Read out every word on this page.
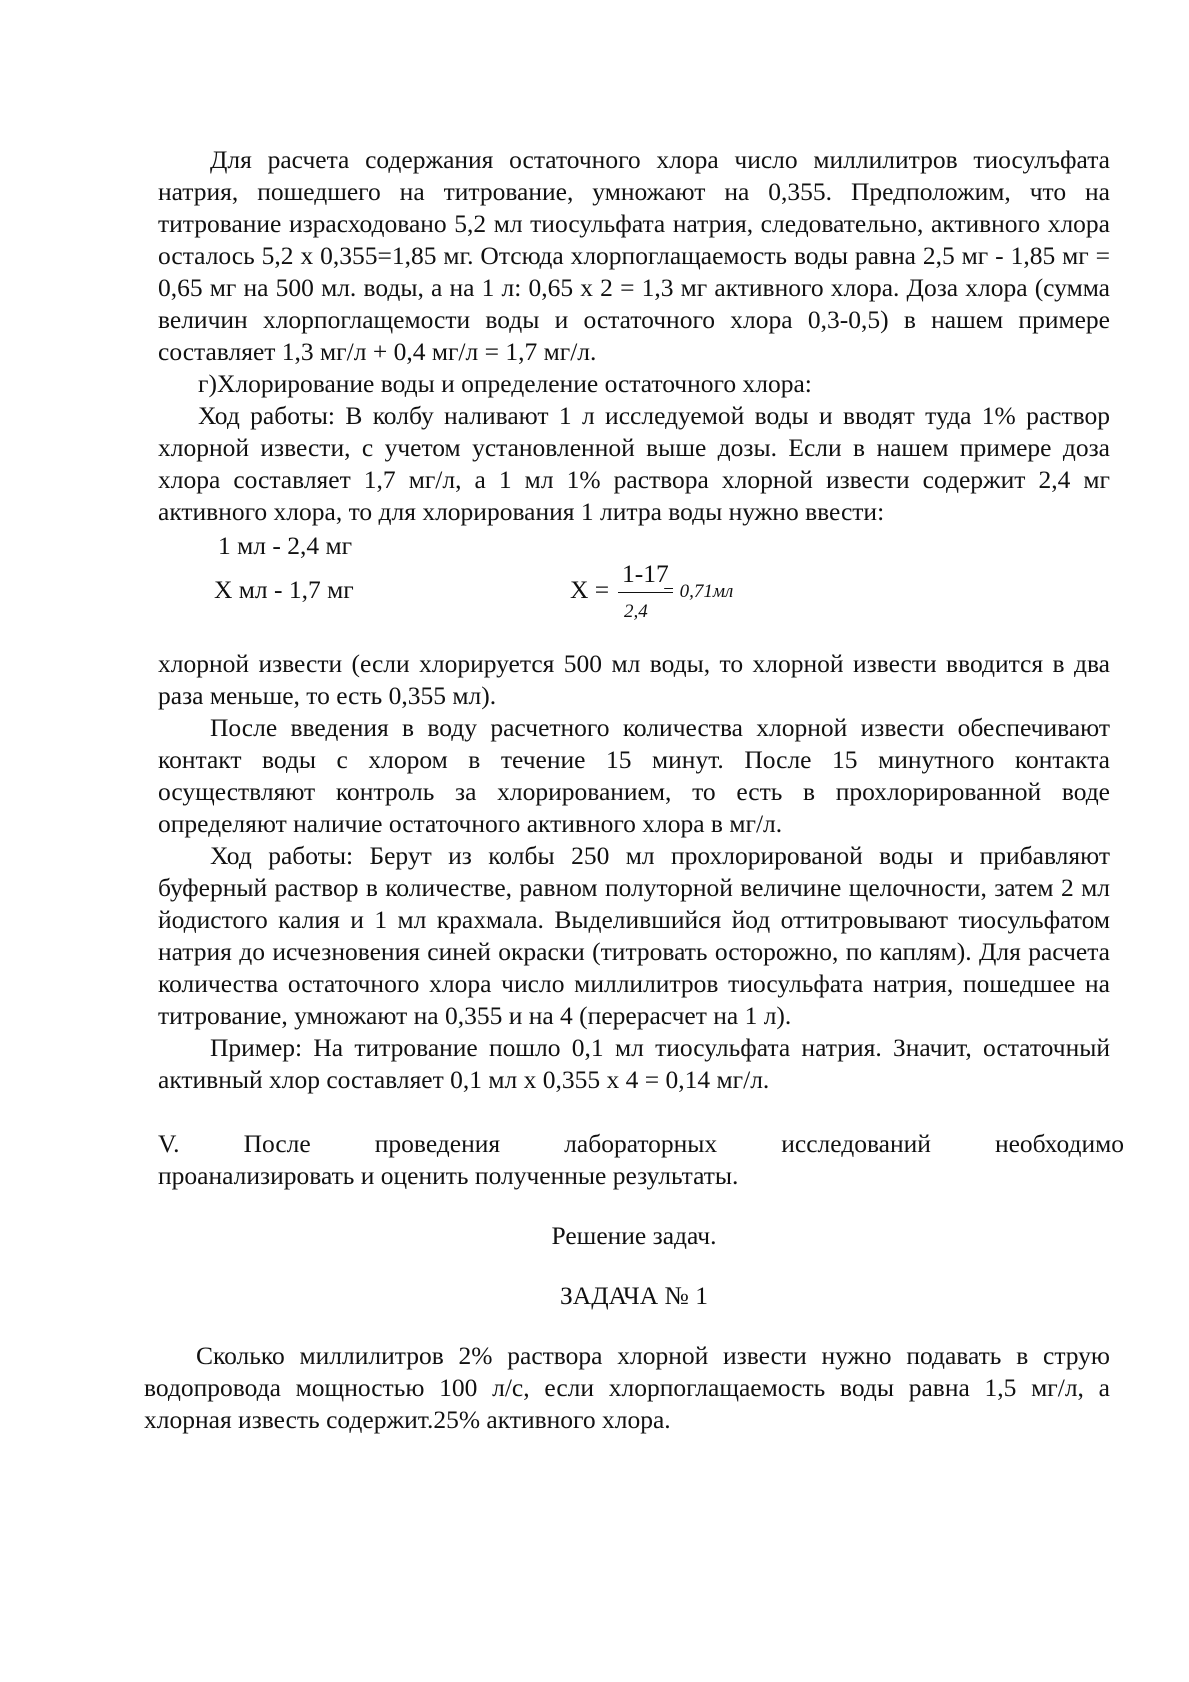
Для расчета содержания остаточного хлора число миллилитров тиосулъфата натрия, пошедшего на титрование, умножают на 0,355. Предположим, что на титрование израсходовано 5,2 мл тиосульфата натрия, следовательно, активного хлора осталось 5,2 х 0,355=1,85 мг. Отсюда хлорпоглащаемость воды равна 2,5 мг - 1,85 мг = 0,65 мг на 500 мл. воды, а на 1 л: 0,65 х 2 = 1,3 мг активного хлора. Доза хлора (сумма величин хлорпоглащемости воды и остаточного хлора 0,3-0,5) в нашем примере составляет 1,3 мг/л + 0,4 мг/л = 1,7 мг/л.

г)Хлорирование воды и определение остаточного хлора:

Ход работы: В колбу наливают 1 л исследуемой воды и вводят туда 1% раствор хлорной извести, с учетом установленной выше дозы. Если в нашем примере доза хлора составляет 1,7 мг/л, а 1 мл 1% раствора хлорной извести содержит 2,4 мг активного хлора, то для хлорирования 1 литра воды нужно ввести:

1 мл - 2,4 мг
Х мл - 1,7 мг	Х =
1-17
2,4
= 0,71мл

хлорной извести (если хлорируется 500 мл воды, то хлорной извести вводится в два раза меньше, то есть 0,355 мл).

После введения в воду расчетного количества хлорной извести обеспечивают контакт воды с хлором в течение 15 минут. После 15 минутного контакта осуществляют контроль за хлорированием, то есть в прохлорированной воде определяют наличие остаточного активного хлора в мг/л.

Ход работы: Берут из колбы 250 мл прохлорированой воды и прибавляют буферный раствор в количестве, равном полуторной величине щелочности, затем 2 мл йодистого калия и 1 мл крахмала. Выделившийся йод оттитровывают тиосульфатом натрия до исчезновения синей окраски (титровать осторожно, по каплям). Для расчета количества остаточного хлора число миллилитров тиосульфата натрия, пошедшее на титрование, умножают на 0,355 и на 4 (перерасчет на 1 л).

Пример: На титрование пошло 0,1 мл тиосульфата натрия. Значит, остаточный активный хлор составляет 0,1 мл х 0,355 х 4 = 0,14 мг/л.

V.	После	проведения	лабораторных	исследований	необходимо

проанализировать и оценить полученные результаты.

Решение задач.

ЗАДАЧА № 1

Сколько миллилитров 2% раствора хлорной извести нужно подавать в струю водопровода мощностью 100 л/с, если хлорпоглащаемость воды равна 1,5 мг/л, а хлорная известь содержит.25% активного хлора.
